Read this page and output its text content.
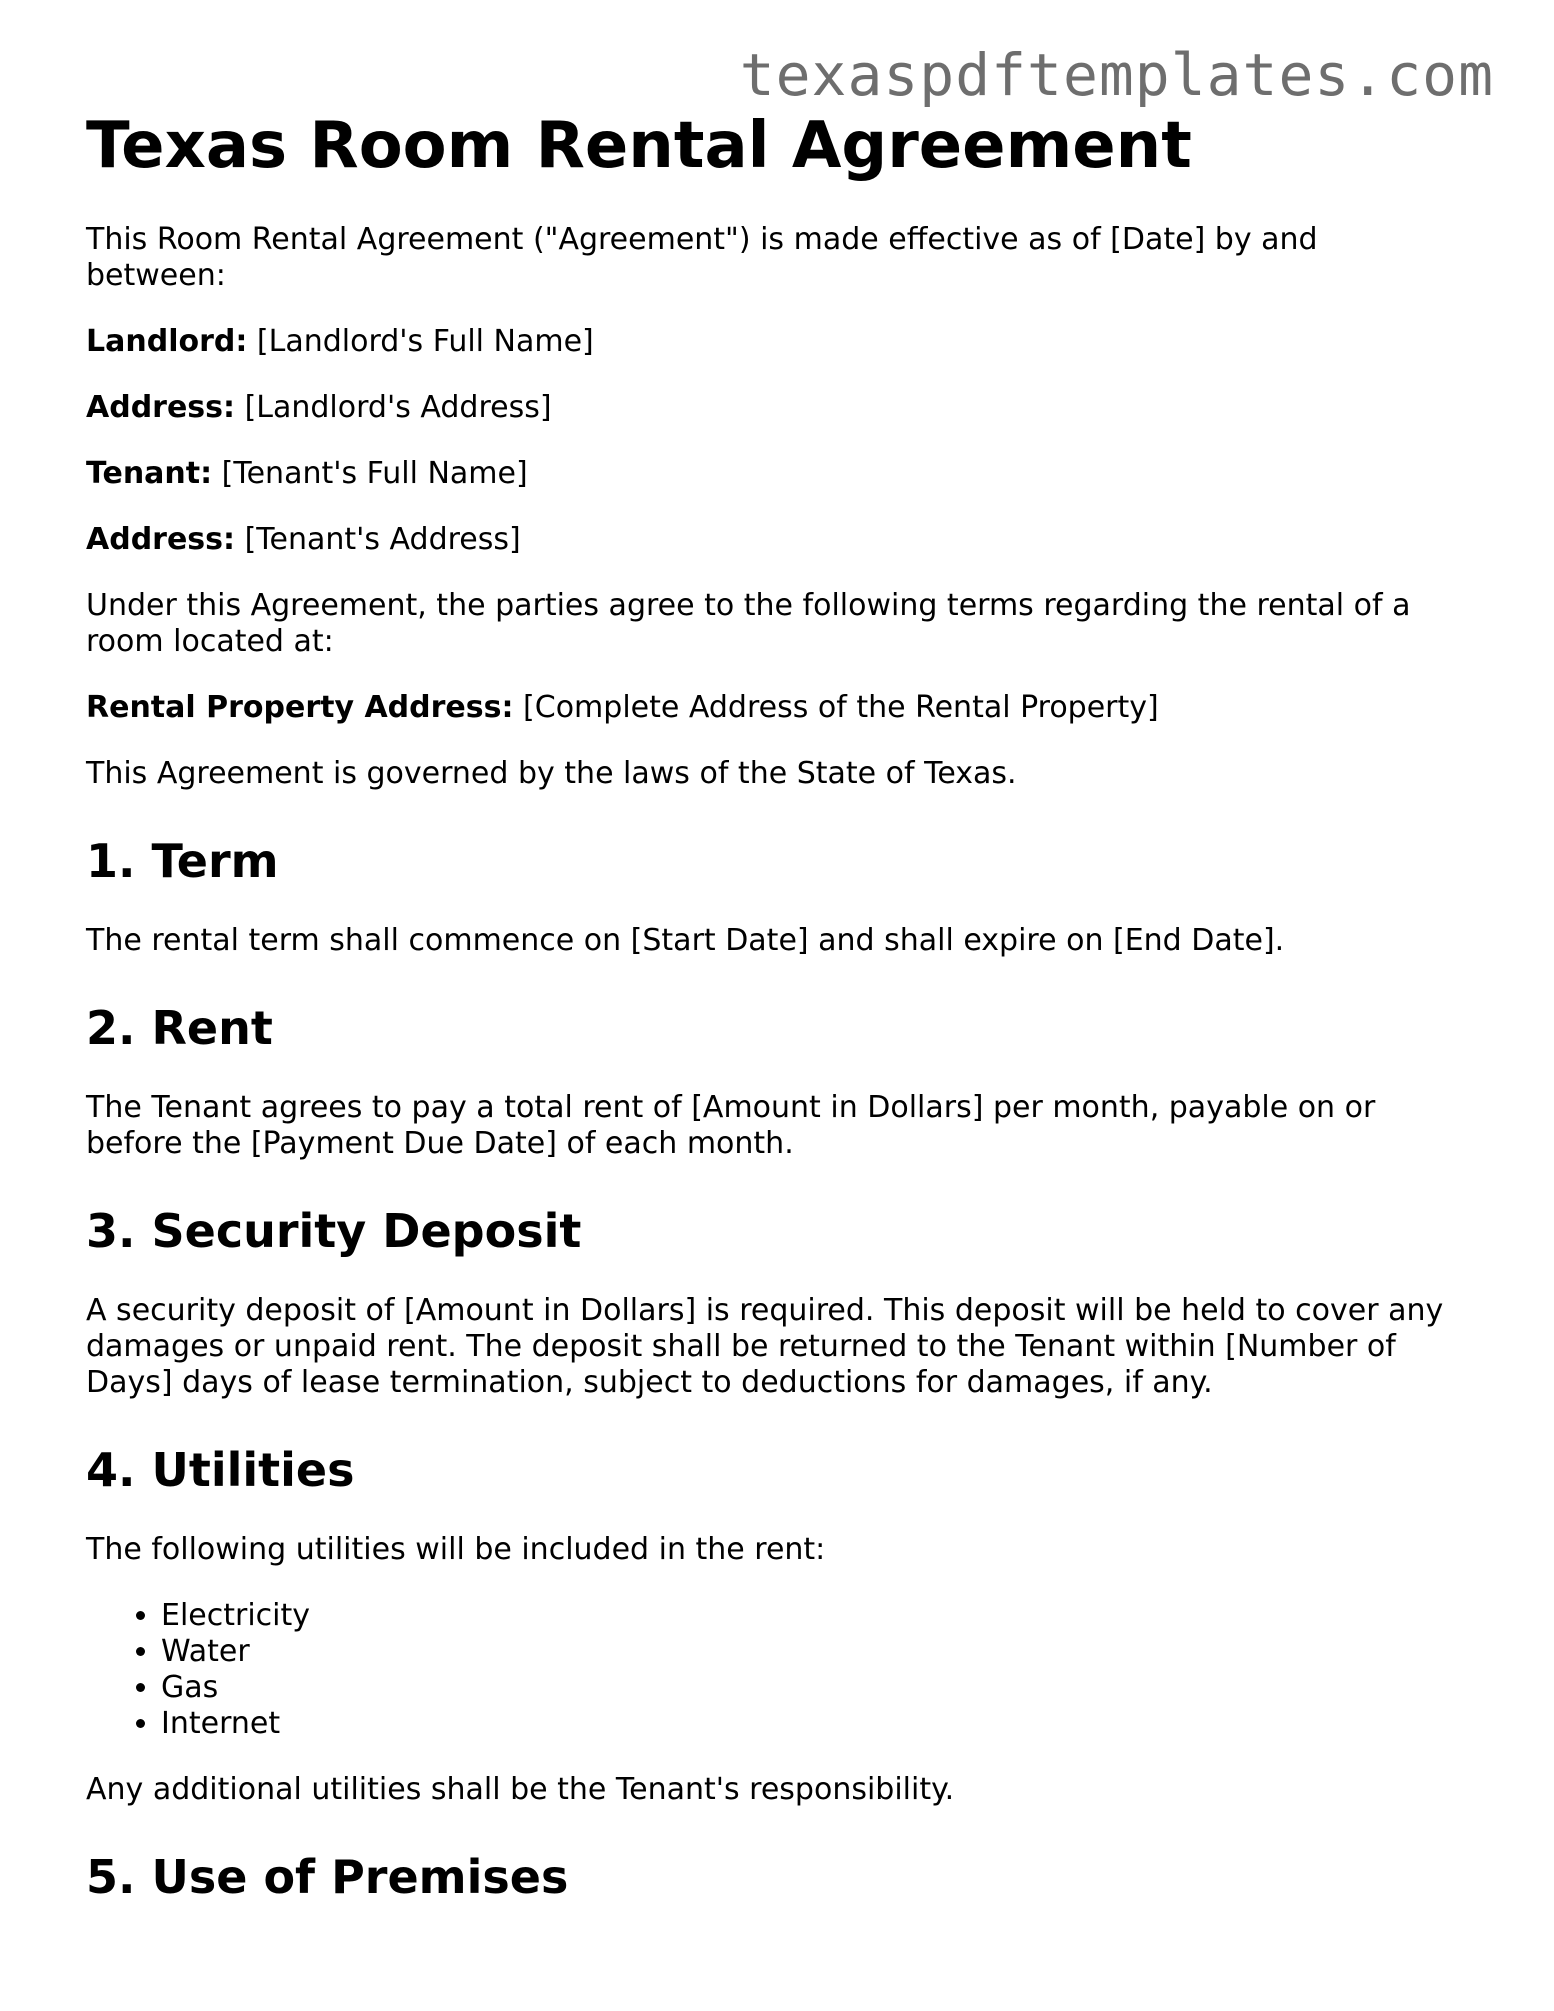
texaspdftemplates.com
Texas Room Rental Agreement

This Room Rental Agreement ("Agreement") is made effective as of [Date] by and between:

Landlord: [Landlord's Full Name]

Address: [Landlord's Address]

Tenant: [Tenant's Full Name]

Address: [Tenant's Address]

Under this Agreement, the parties agree to the following terms regarding the rental of a room located at:

Rental Property Address: [Complete Address of the Rental Property]

This Agreement is governed by the laws of the State of Texas.

1. Term

The rental term shall commence on [Start Date] and shall expire on [End Date].

2. Rent

The Tenant agrees to pay a total rent of [Amount in Dollars] per month, payable on or before the [Payment Due Date] of each month.

3. Security Deposit

A security deposit of [Amount in Dollars] is required. This deposit will be held to cover any damages or unpaid rent. The deposit shall be returned to the Tenant within [Number of Days] days of lease termination, subject to deductions for damages, if any.

4. Utilities

The following utilities will be included in the rent:

• Electricity
• Water
• Gas
• Internet

Any additional utilities shall be the Tenant's responsibility.

5. Use of Premises
